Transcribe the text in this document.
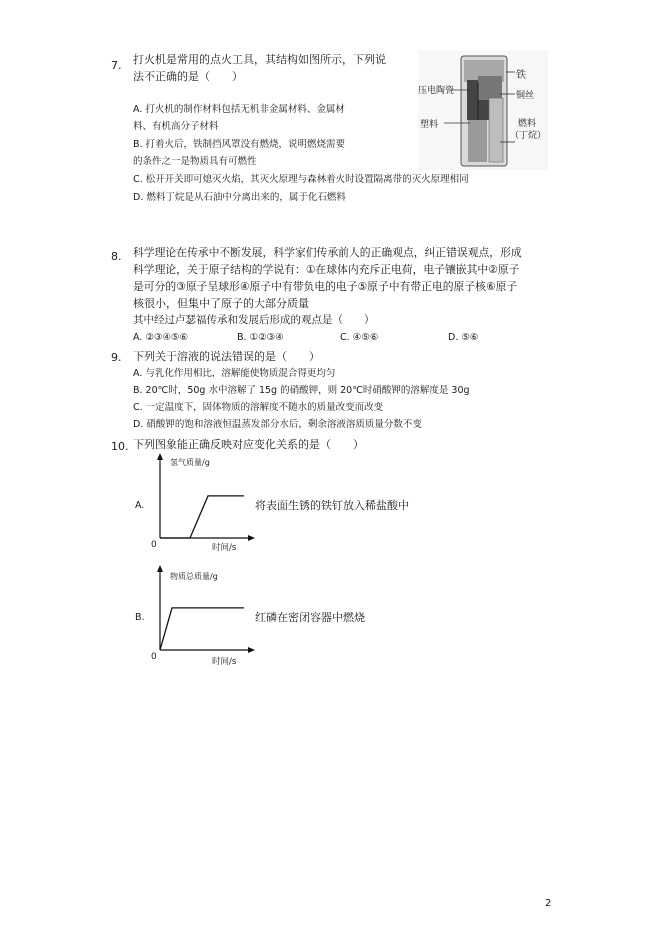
7. 打火机是常用的点火工具，其结构如图所示，下列说
法不正确的是（　　）	铁
压电陶瓷	铜丝
塑料	燃料
（丁烷）
A. 打火机的制作材料包括无机非金属材料、金属材
料、有机高分子材料
B. 打着火后，铁制挡风罩没有燃烧，说明燃烧需要
的条件之一是物质具有可燃性
C. 松开开关即可熄灭火焰，其灭火原理与森林着火时设置隔离带的灭火原理相同
D. 燃料丁烷是从石油中分离出来的，属于化石燃料
8. 科学理论在传承中不断发展，科学家们传承前人的正确观点，纠正错误观点，形成
科学理论，关于原子结构的学说有：①在球体内充斥正电荷，电子镶嵌其中②原子
是可分的③原子呈球形④原子中有带负电的电子⑤原子中有带正电的原子核⑥原子
核很小，但集中了原子的大部分质量
其中经过卢瑟福传承和发展后形成的观点是（　　）
A. ②③④⑤⑥	B. ①②③④	C. ④⑤⑥	D. ⑤⑥
9. 下列关于溶液的说法错误的是（　　）
A. 与乳化作用相比，溶解能使物质混合得更均匀
B. 20℃时，50g 水中溶解了 15g 的硝酸钾，则 20℃时硝酸钾的溶解度是 30g
C. 一定温度下，固体物质的溶解度不随水的质量改变而改变
D. 硝酸钾的饱和溶液恒温蒸发部分水后，剩余溶液溶质质量分数不变
10. 下列图象能正确反映对应变化关系的是（　　）
A.
氢气质量/g
0	时间/s
将表面生锈的铁钉放入稀盐酸中
B.
物质总质量/g
0	时间/s
红磷在密闭容器中燃烧
2
